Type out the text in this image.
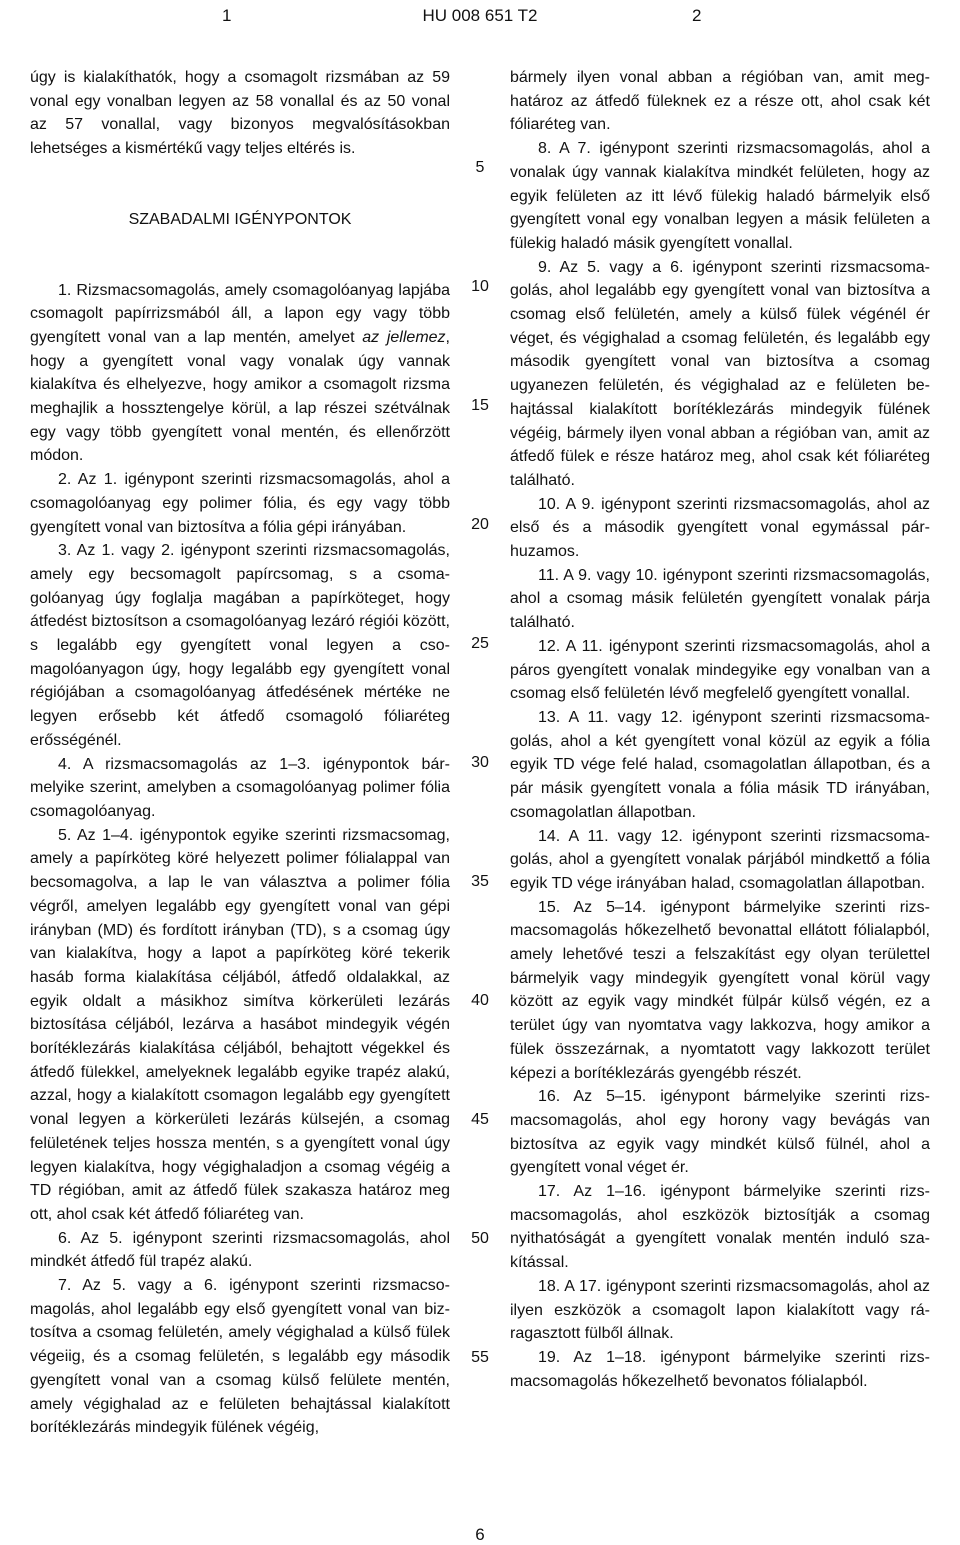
1	HU 008 651 T2	2

úgy is kialakíthatók, hogy a csomagolt rizsmában az 59 vonal egy vonalban legyen az 58 vonallal és az 50 vonal az 57 vonallal, vagy bizonyos megvalósításokban lehetséges a kismértékű vagy teljes eltérés is.

SZABADALMI IGÉNYPONTOK

1. Rizsmacsomagolás, amely csomagolóanyag lapjába csomagolt papírrizsmából áll, a lapon egy vagy több gyengített vonal van a lap mentén, amelyet az jellemez, hogy a gyengített vonal vagy vonalak úgy vannak kialakítva és elhelyezve, hogy amikor a csomagolt rizsma meghajlik a hossztengelye körül, a lap részei szétválnak egy vagy több gyengített vonal mentén, és ellenőrzött módon.

2. Az 1. igénypont szerinti rizsmacsomagolás, ahol a csomagolóanyag egy polimer fólia, és egy vagy több gyengített vonal van biztosítva a fólia gépi irányában.

3. Az 1. vagy 2. igénypont szerinti rizsmacsomagolás, amely egy becsomagolt papírcsomag, s a csomagolóanyag úgy foglalja magában a papírköteget, hogy átfedést biztosítson a csomagolóanyag lezáró régiói között, s legalább egy gyengített vonal legyen a csomagolóanyagon úgy, hogy legalább egy gyengített vonal régiójában a csomagolóanyag átfedésének mértéke ne legyen erősebb két átfedő csomagoló fóliaréteg erősségénél.

4. A rizsmacsomagolás az 1–3. igénypontok bármelyike szerint, amelyben a csomagolóanyag polimer fólia csomagolóanyag.

5. Az 1–4. igénypontok egyike szerinti rizsmacsomag, amely a papírköteg köré helyezett polimer fólialappal van becsomagolva, a lap le van választva a polimer fólia végről, amelyen legalább egy gyengített vonal van gépi irányban (MD) és fordított irányban (TD), s a csomag úgy van kialakítva, hogy a lapot a papírköteg köré tekerik hasáb forma kialakítása céljából, átfedő oldalakkal, az egyik oldalt a másikhoz simítva körkerületi lezárás biztosítása céljából, lezárva a hasábot mindegyik végén borítéklezárás kialakítása céljából, behajtott végekkel és átfedő fülekkel, amelyeknek legalább egyike trapéz alakú, azzal, hogy a kialakított csomagon legalább egy gyengített vonal legyen a körkerületi lezárás külsején, a csomag felületének teljes hossza mentén, s a gyengített vonal úgy legyen kialakítva, hogy végighaladjon a csomag végéig a TD régióban, amit az átfedő fülek szakasza határoz meg ott, ahol csak két átfedő fóliaréteg van.

6. Az 5. igénypont szerinti rizsmacsomagolás, ahol mindkét átfedő fül trapéz alakú.

7. Az 5. vagy a 6. igénypont szerinti rizsmacsomagolás, ahol legalább egy első gyengített vonal van biztosítva a csomag felületén, amely végighalad a külső fülek végeiig, és a csomag felületén, s legalább egy második gyengített vonal van a csomag külső felülete mentén, amely végighalad az e felületen behajtással kialakított borítéklezárás mindegyik fülének végéig,

bármely ilyen vonal abban a régióban van, amit meghatároz az átfedő füleknek ez a része ott, ahol csak két fóliaréteg van.

8. A 7. igénypont szerinti rizsmacsomagolás, ahol a vonalak úgy vannak kialakítva mindkét felületen, hogy az egyik felületen az itt lévő fülekig haladó bármelyik első gyengített vonal egy vonalban legyen a másik felületen a fülekig haladó másik gyengített vonallal.

9. Az 5. vagy a 6. igénypont szerinti rizsmacsomagolás, ahol legalább egy gyengített vonal van biztosítva a csomag első felületén, amely a külső fülek végénél ér véget, és végighalad a csomag felületén, és legalább egy második gyengített vonal van biztosítva a csomag ugyanezen felületén, és végighalad az e felületen behajtással kialakított borítéklezárás mindegyik fülének végéig, bármely ilyen vonal abban a régióban van, amit az átfedő fülek e része határoz meg, ahol csak két fóliaréteg található.

10. A 9. igénypont szerinti rizsmacsomagolás, ahol az első és a második gyengített vonal egymással párhuzamos.

11. A 9. vagy 10. igénypont szerinti rizsmacsomagolás, ahol a csomag másik felületén gyengített vonalak párja található.

12. A 11. igénypont szerinti rizsmacsomagolás, ahol a páros gyengített vonalak mindegyike egy vonalban van a csomag első felületén lévő megfelelő gyengített vonallal.

13. A 11. vagy 12. igénypont szerinti rizsmacsomagolás, ahol a két gyengített vonal közül az egyik a fólia egyik TD vége felé halad, csomagolatlan állapotban, és a pár másik gyengített vonala a fólia másik TD irányában, csomagolatlan állapotban.

14. A 11. vagy 12. igénypont szerinti rizsmacsomagolás, ahol a gyengített vonalak párjából mindkettő a fólia egyik TD vége irányában halad, csomagolatlan állapotban.

15. Az 5–14. igénypont bármelyike szerinti rizsmacsomagolás hőkezelhető bevonattal ellátott fólialapból, amely lehetővé teszi a felszakítást egy olyan területtel bármelyik vagy mindegyik gyengített vonal körül vagy között az egyik vagy mindkét fülpár külső végén, ez a terület úgy van nyomtatva vagy lakkozva, hogy amikor a fülek összezárnak, a nyomtatott vagy lakkozott terület képezi a borítéklezárás gyengébb részét.

16. Az 5–15. igénypont bármelyike szerinti rizsmacsomagolás, ahol egy horony vagy bevágás van biztosítva az egyik vagy mindkét külső fülnél, ahol a gyengített vonal véget ér.

17. Az 1–16. igénypont bármelyike szerinti rizsmacsomagolás, ahol eszközök biztosítják a csomag nyithatóságát a gyengített vonalak mentén induló szakítással.

18. A 17. igénypont szerinti rizsmacsomagolás, ahol az ilyen eszközök a csomagolt lapon kialakított vagy ráragasztott fülből állnak.

19. Az 1–18. igénypont bármelyike szerinti rizsmacsomagolás hőkezelhető bevonatos fólialapból.

5
10
15
20
25
30
35
40
45
50
55
6
